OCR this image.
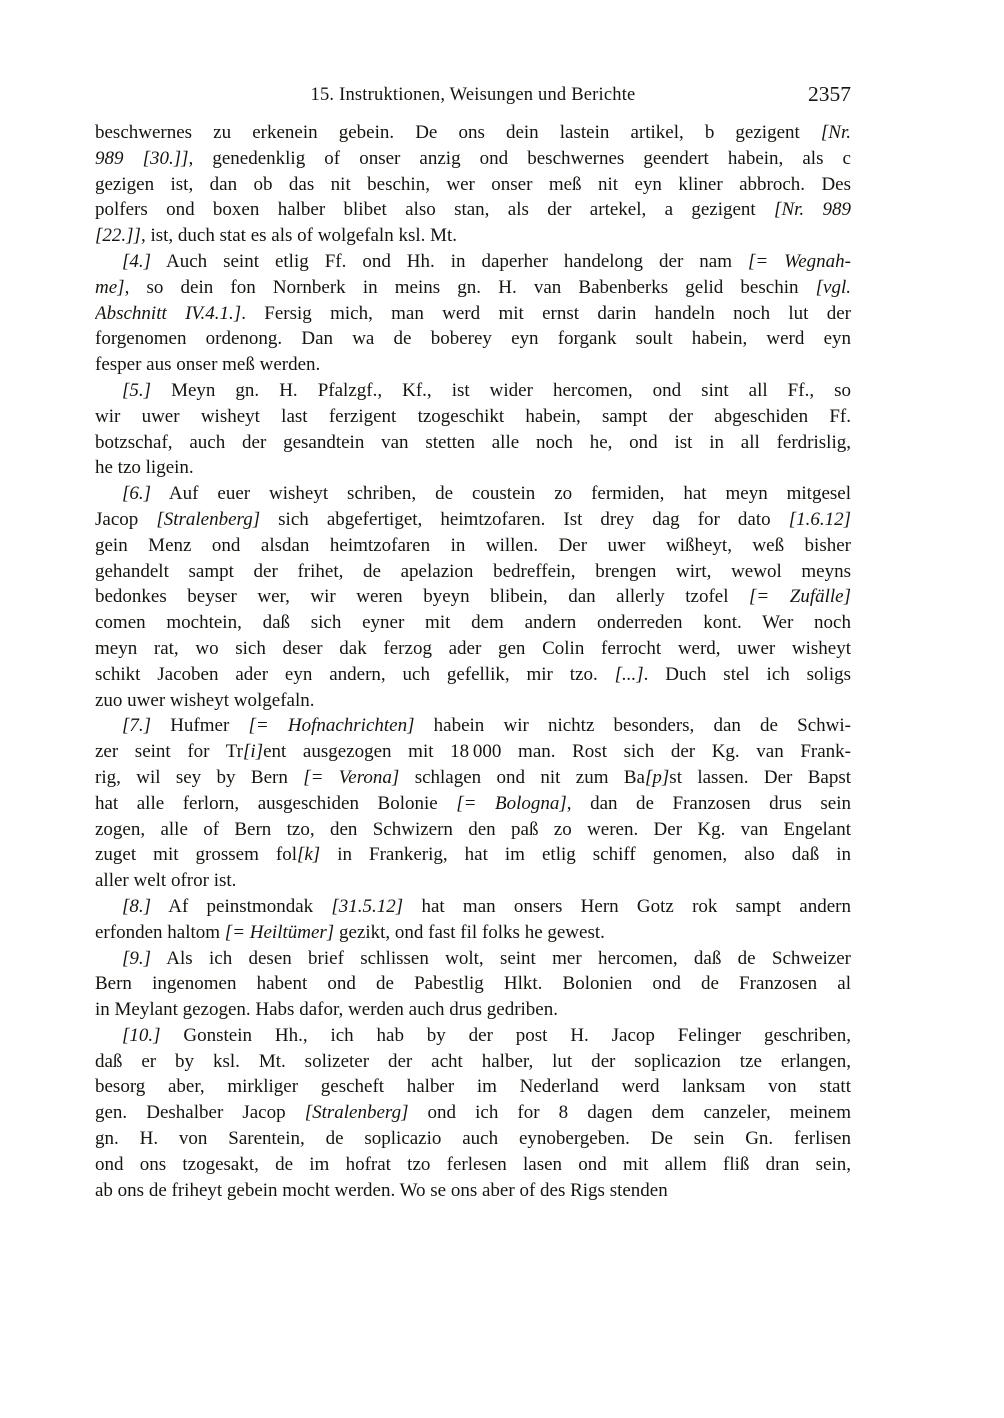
15. Instruktionen, Weisungen und Berichte	2357
beschwernes zu erkenein gebein. De ons dein lastein artikel, b gezigent [Nr.
989 [30.]], genedenklig of onser anzig ond beschwernes geendert habein, als c
gezigen ist, dan ob das nit beschin, wer onser meß nit eyn kliner abbroch. Des
polfers ond boxen halber blibet also stan, als der artekel, a gezigent [Nr. 989
[22.]], ist, duch stat es als of wolgefaln ksl. Mt.
[4.] Auch seint etlig Ff. ond Hh. in daperher handelong der nam [= Wegnah-
me], so dein fon Nornberk in meins gn. H. van Babenberks gelid beschin [vgl.
Abschnitt IV.4.1.]. Fersig mich, man werd mit ernst darin handeln noch lut der
forgenomen ordenong. Dan wa de boberey eyn forgank soult habein, werd eyn
fesper aus onser meß werden.
[5.] Meyn gn. H. Pfalzgf., Kf., ist wider hercomen, ond sint all Ff., so
wir uwer wisheyt last ferzigent tzogeschikt habein, sampt der abgeschiden Ff.
botzschaf, auch der gesandtein van stetten alle noch he, ond ist in all ferdrislig,
he tzo ligein.
[6.] Auf euer wisheyt schriben, de coustein zo fermiden, hat meyn mitgesel
Jacop [Stralenberg] sich abgefertiget, heimtzofaren. Ist drey dag for dato [1.6.12]
gein Menz ond alsdan heimtzofaren in willen. Der uwer wißheyt, weß bisher
gehandelt sampt der frihet, de apelazion bedreffein, brengen wirt, wewol meyns
bedonkes beyser wer, wir weren byeyn blibein, dan allerly tzofel [= Zufälle]
comen mochtein, daß sich eyner mit dem andern onderreden kont. Wer noch
meyn rat, wo sich deser dak ferzog ader gen Colin ferrocht werd, uwer wisheyt
schikt Jacoben ader eyn andern, uch gefellik, mir tzo. [...]. Duch stel ich soligs
zuo uwer wisheyt wolgefaln.
[7.] Hufmer [= Hofnachrichten] habein wir nichtz besonders, dan de Schwi-
zer seint for Tr[i]ent ausgezogen mit 18 000 man. Rost sich der Kg. van Frank-
rig, wil sey by Bern [= Verona] schlagen ond nit zum Ba[p]st lassen. Der Bapst
hat alle ferlorn, ausgeschiden Bolonie [= Bologna], dan de Franzosen drus sein
zogen, alle of Bern tzo, den Schwizern den paß zo weren. Der Kg. van Engelant
zuget mit grossem fol[k] in Frankerig, hat im etlig schiff genomen, also daß in
aller welt ofror ist.
[8.] Af peinstmondak [31.5.12] hat man onsers Hern Gotz rok sampt andern
erfonden haltom [= Heiltümer] gezikt, ond fast fil folks he gewest.
[9.] Als ich desen brief schlissen wolt, seint mer hercomen, daß de Schweizer
Bern ingenomen habent ond de Pabestlig Hlkt. Bolonien ond de Franzosen al
in Meylant gezogen. Habs dafor, werden auch drus gedriben.
[10.] Gonstein Hh., ich hab by der post H. Jacop Felinger geschriben,
daß er by ksl. Mt. solizeter der acht halber, lut der soplicazion tze erlangen,
besorg aber, mirkliger gescheft halber im Nederland werd lanksam von statt
gen. Deshalber Jacop [Stralenberg] ond ich for 8 dagen dem canzeler, meinem
gn. H. von Sarentein, de soplicazio auch eynobergeben. De sein Gn. ferlisen
ond ons tzogesakt, de im hofrat tzo ferlesen lasen ond mit allem fliß dran sein,
ab ons de friheyt gebein mocht werden. Wo se ons aber of des Rigs stenden
